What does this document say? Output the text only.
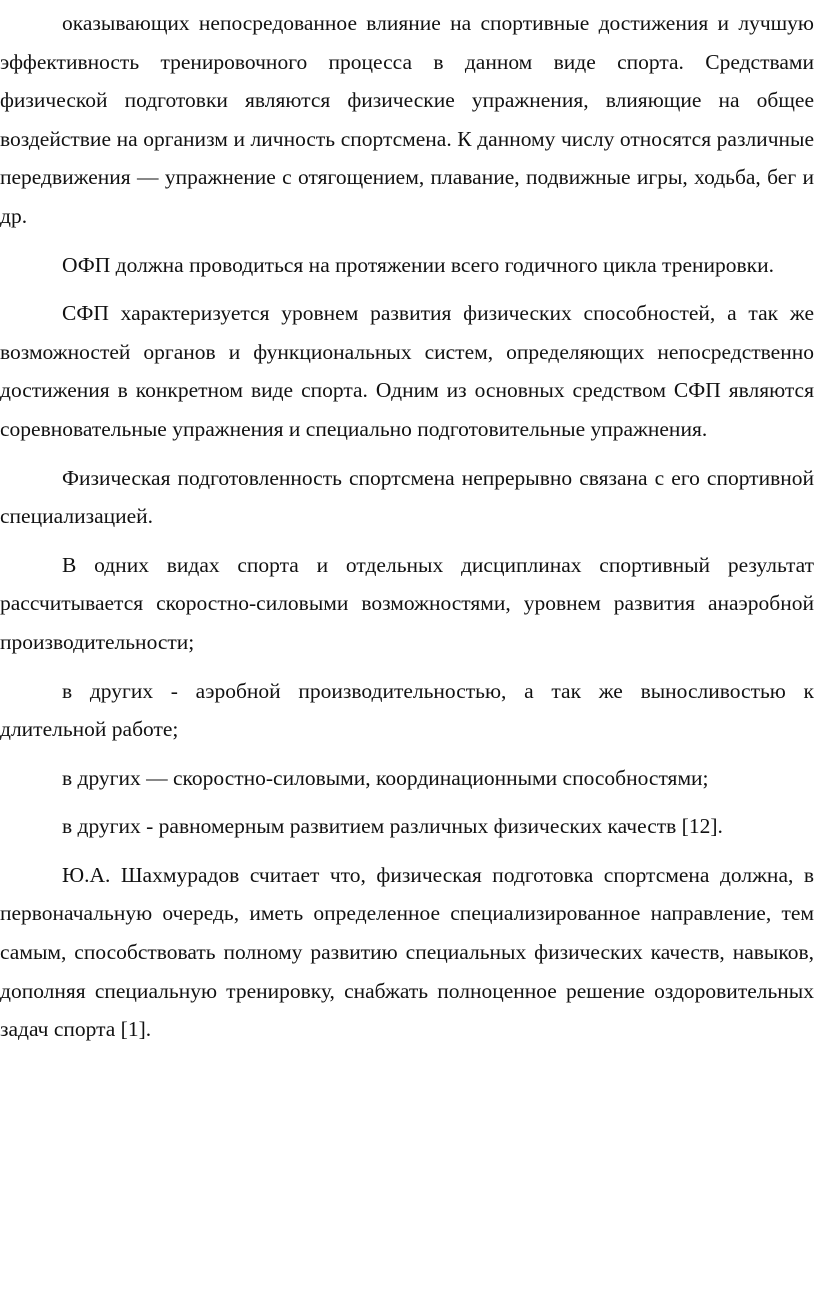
оказывающих непосредованное влияние на спортивные достижения и лучшую эффективность тренировочного процесса в данном виде спорта. Средствами физической подготовки являются физические упражнения, влияющие на общее воздействие на организм и личность спортсмена. К данному числу относятся различные передвижения — упражнение с отягощением, плавание, подвижные игры, ходьба, бег и др.

ОФП должна проводиться на протяжении всего годичного цикла тренировки.

СФП характеризуется уровнем развития физических способностей, а так же возможностей органов и функциональных систем, определяющих непосредственно достижения в конкретном виде спорта. Одним из основных средством СФП являются соревновательные упражнения и специально подготовительные упражнения.

Физическая подготовленность спортсмена непрерывно связана с его спортивной специализацией.

В одних видах спорта и отдельных дисциплинах спортивный результат рассчитывается скоростно-силовыми возможностями, уровнем развития анаэробной производительности;

в других - аэробной производительностью, а так же выносливостью к длительной работе;

в других — скоростно-силовыми, координационными способностями;

в других - равномерным развитием различных физических качеств [12].

Ю.А. Шахмурадов считает что, физическая подготовка спортсмена должна, в первоначальную очередь, иметь определенное специализированное направление, тем самым, способствовать полному развитию специальных физических качеств, навыков, дополняя специальную тренировку, снабжать полноценное решение оздоровительных задач спорта [1].
